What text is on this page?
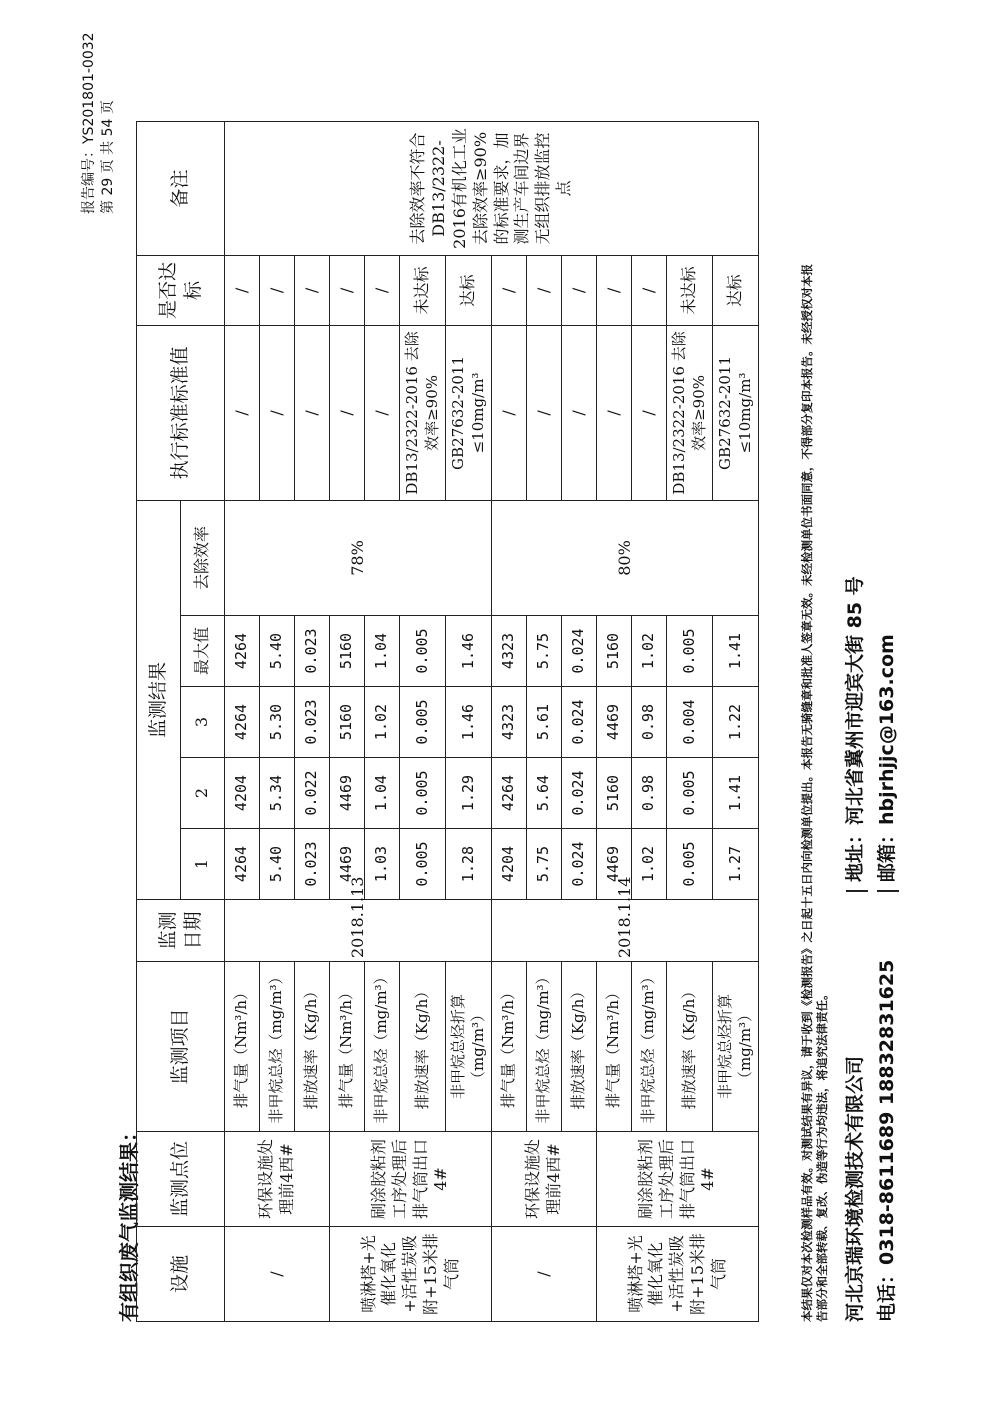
报告编号：YS201801-0032 第 29 页 共 54 页
有组织废气监测结果： 设施	监测点位	监测项目	监测日期	监测结果					执行标准标准值	是否达标	备注
				1	2	3	最大值	去除效率			
/	环保设施处理前4西#	排气量（Nm³/h）	2018.1.13	4264	4204	4264	4264	78%	/	/	去除效率不符合DB13/2322-2016有机化工业去除效率≥90%的标准要求，加测生产车间边界无组织排放监控点
		非甲烷总烃（mg/m³）		5.40	5.34	5.30	5.40		/	/	
		排放速率（Kg/h）		0.023	0.022	0.023	0.023		/	/	
喷淋塔+光催化氧化+活性炭吸附+15米排气筒	刷涂胶粘剂工序处理后排气筒出口4#	排气量（Nm³/h）		4469	4469	5160	5160		/	/	
		非甲烷总烃（mg/m³）		1.03	1.04	1.02	1.04		/	/	
		排放速率（Kg/h）		0.005	0.005	0.005	0.005		DB13/2322-2016 去除效率≥90%	未达标	
		非甲烷总烃折算（mg/m³）		1.28	1.29	1.46	1.46		GB27632-2011 ≤10mg/m³	达标	
/	环保设施处理前4西#	排气量（Nm³/h）	2018.1.14	4204	4264	4323	4323	80%	/	/	
		非甲烷总烃（mg/m³）		5.75	5.64	5.61	5.75		/	/	
		排放速率（Kg/h）		0.024	0.024	0.024	0.024		/	/	
喷淋塔+光催化氧化+活性炭吸附+15米排气筒	刷涂胶粘剂工序处理后排气筒出口4#	排气量（Nm³/h）		4469	5160	4469	5160		/	/	
		非甲烷总烃（mg/m³）		1.02	0.98	0.98	1.02		/	/	
		排放速率（Kg/h）		0.005	0.005	0.004	0.005		DB13/2322-2016 去除效率≥90%	未达标	
		非甲烷总烃折算（mg/m³）		1.27	1.41	1.22	1.41		GB27632-2011 ≤10mg/m³	达标		本结果仅对本次检测样品有效。对测试结果有异议，请于收到《检测报告》之日起十五日内向检测单位提出。本报告无骑缝章和批准人签章无效。未经检测单位书面同意，不得部分复印本报告。未经授权对本报 告部分和全部转载、复改、伪造等行为均违法，将追究法律责任。 河北京瑞环境检测技术有限公司地址：河北省冀州市迎宾大街 85 号
电话：0318-8611689 18832831625邮箱：hbjrhjjc@163.com
